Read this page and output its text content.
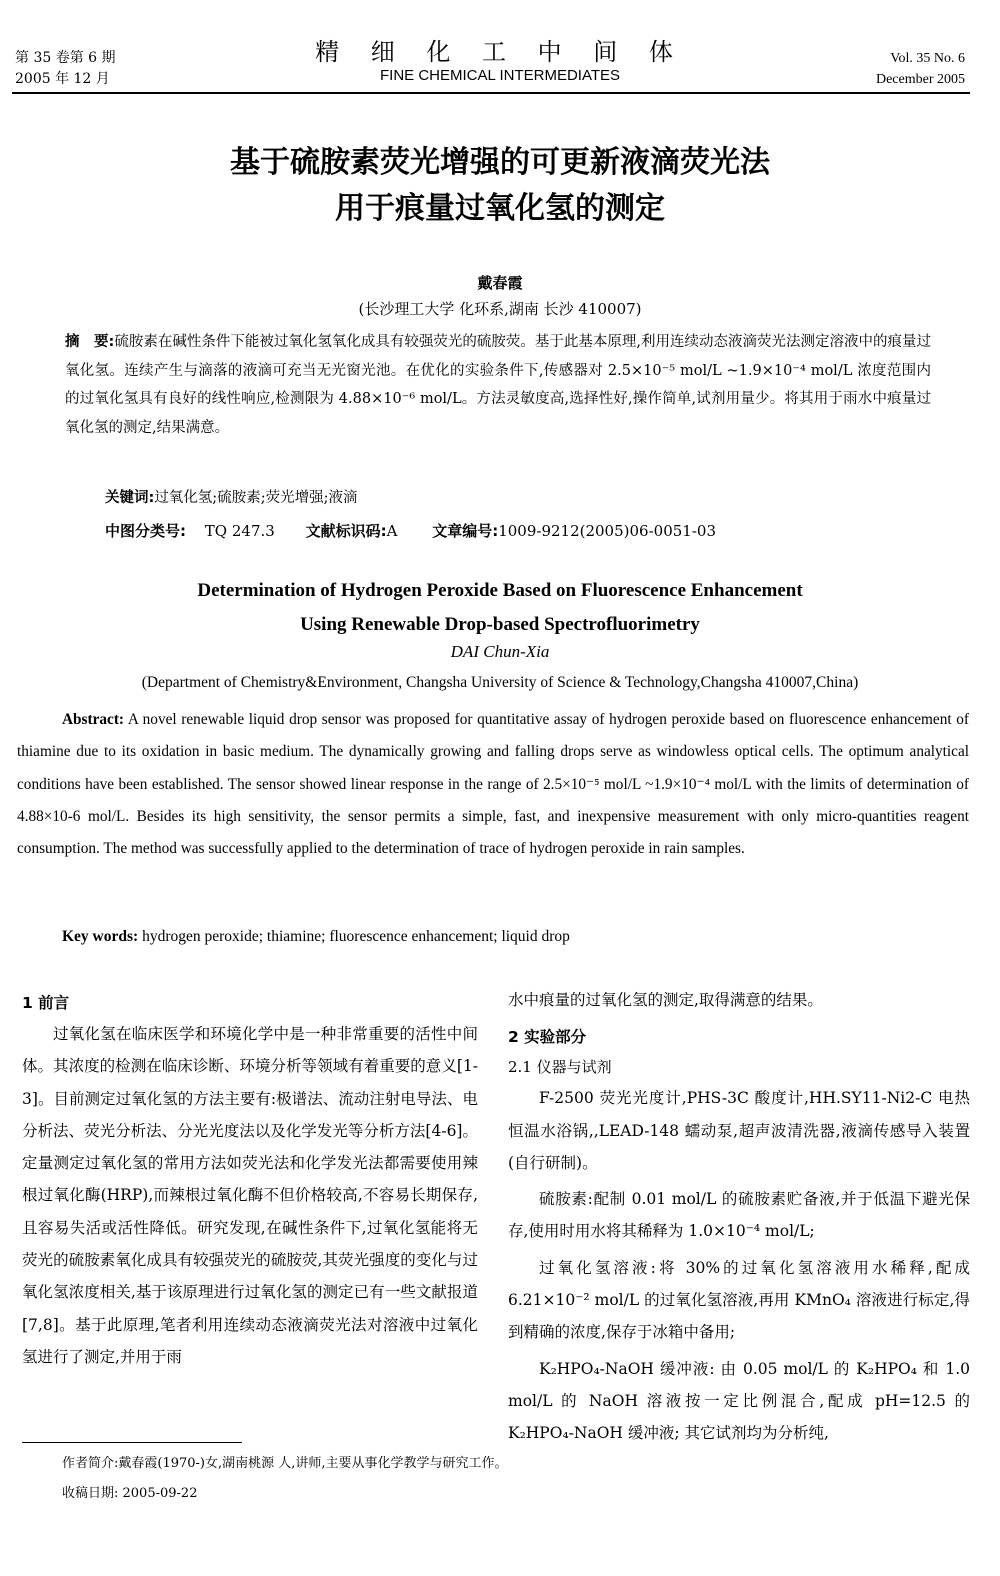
第 35 卷第 6 期
2005 年 12 月
精 细 化 工 中 间 体
FINE CHEMICAL INTERMEDIATES
Vol. 35 No. 6
December 2005
基于硫胺素荧光增强的可更新液滴荧光法
用于痕量过氧化氢的测定
戴春霞
(长沙理工大学 化环系,湖南 长沙 410007)
摘　要:硫胺素在碱性条件下能被过氧化氢氧化成具有较强荧光的硫胺荧。基于此基本原理,利用连续动态液滴荧光法测定溶液中的痕量过氧化氢。连续产生与滴落的液滴可充当无光窗光池。在优化的实验条件下,传感器对 2.5×10⁻⁵ mol/L ~1.9×10⁻⁴ mol/L 浓度范围内的过氧化氢具有良好的线性响应,检测限为 4.88×10⁻⁶ mol/L。方法灵敏度高,选择性好,操作简单,试剂用量少。将其用于雨水中痕量过氧化氢的测定,结果满意。
关键词:过氧化氢;硫胺素;荧光增强;液滴
中图分类号: TQ 247.3 文献标识码:A 文章编号:1009-9212(2005)06-0051-03
Determination of Hydrogen Peroxide Based on Fluorescence Enhancement
Using Renewable Drop-based Spectrofluorimetry
DAI Chun-Xia
(Department of Chemistry&Environment, Changsha University of Science & Technology,Changsha 410007,China)
Abstract: A novel renewable liquid drop sensor was proposed for quantitative assay of hydrogen peroxide based on fluorescence enhancement of thiamine due to its oxidation in basic medium. The dynamically growing and falling drops serve as windowless optical cells. The optimum analytical conditions have been established. The sensor showed linear response in the range of 2.5×10⁻⁵ mol/L ~1.9×10⁻⁴ mol/L with the limits of determination of 4.88×10-6 mol/L. Besides its high sensitivity, the sensor permits a simple, fast, and inexpensive measurement with only micro-quantities reagent consumption. The method was successfully applied to the determination of trace of hydrogen peroxide in rain samples.
Key words: hydrogen peroxide; thiamine; fluorescence enhancement; liquid drop
1 前言

过氧化氢在临床医学和环境化学中是一种非常重要的活性中间体。其浓度的检测在临床诊断、环境分析等领域有着重要的意义[1-3]。目前测定过氧化氢的方法主要有:极谱法、流动注射电导法、电分析法、荧光分析法、分光光度法以及化学发光等分析方法[4-6]。定量测定过氧化氢的常用方法如荧光法和化学发光法都需要使用辣根过氧化酶(HRP),而辣根过氧化酶不但价格较高,不容易长期保存,且容易失活或活性降低。研究发现,在碱性条件下,过氧化氢能将无荧光的硫胺素氧化成具有较强荧光的硫胺荧,其荧光强度的变化与过氧化氢浓度相关,基于该原理进行过氧化氢的测定已有一些文献报道[7,8]。基于此原理,笔者利用连续动态液滴荧光法对溶液中过氧化氢进行了测定,并用于雨

水中痕量的过氧化氢的测定,取得满意的结果。

2 实验部分
2.1 仪器与试剂

F-2500 荧光光度计,PHS-3C 酸度计,HH.SY11-Ni2-C 电热恒温水浴锅,,LEAD-148 蠕动泵,超声波清洗器,液滴传感导入装置(自行研制)。

硫胺素:配制 0.01 mol/L 的硫胺素贮备液,并于低温下避光保存,使用时用水将其稀释为 1.0×10⁻⁴ mol/L;

过氧化氢溶液:将 30%的过氧化氢溶液用水稀释,配成 6.21×10⁻² mol/L 的过氧化氢溶液,再用 KMnO₄ 溶液进行标定,得到精确的浓度,保存于冰箱中备用;

K₂HPO₄-NaOH 缓冲液: 由 0.05 mol/L 的 K₂HPO₄ 和 1.0 mol/L 的 NaOH 溶液按一定比例混合,配成 pH=12.5 的 K₂HPO₄-NaOH 缓冲液; 其它试剂均为分析纯,

作者简介:戴春霞(1970-)女,湖南桃源 人,讲师,主要从事化学教学与研究工作。
收稿日期: 2005-09-22
